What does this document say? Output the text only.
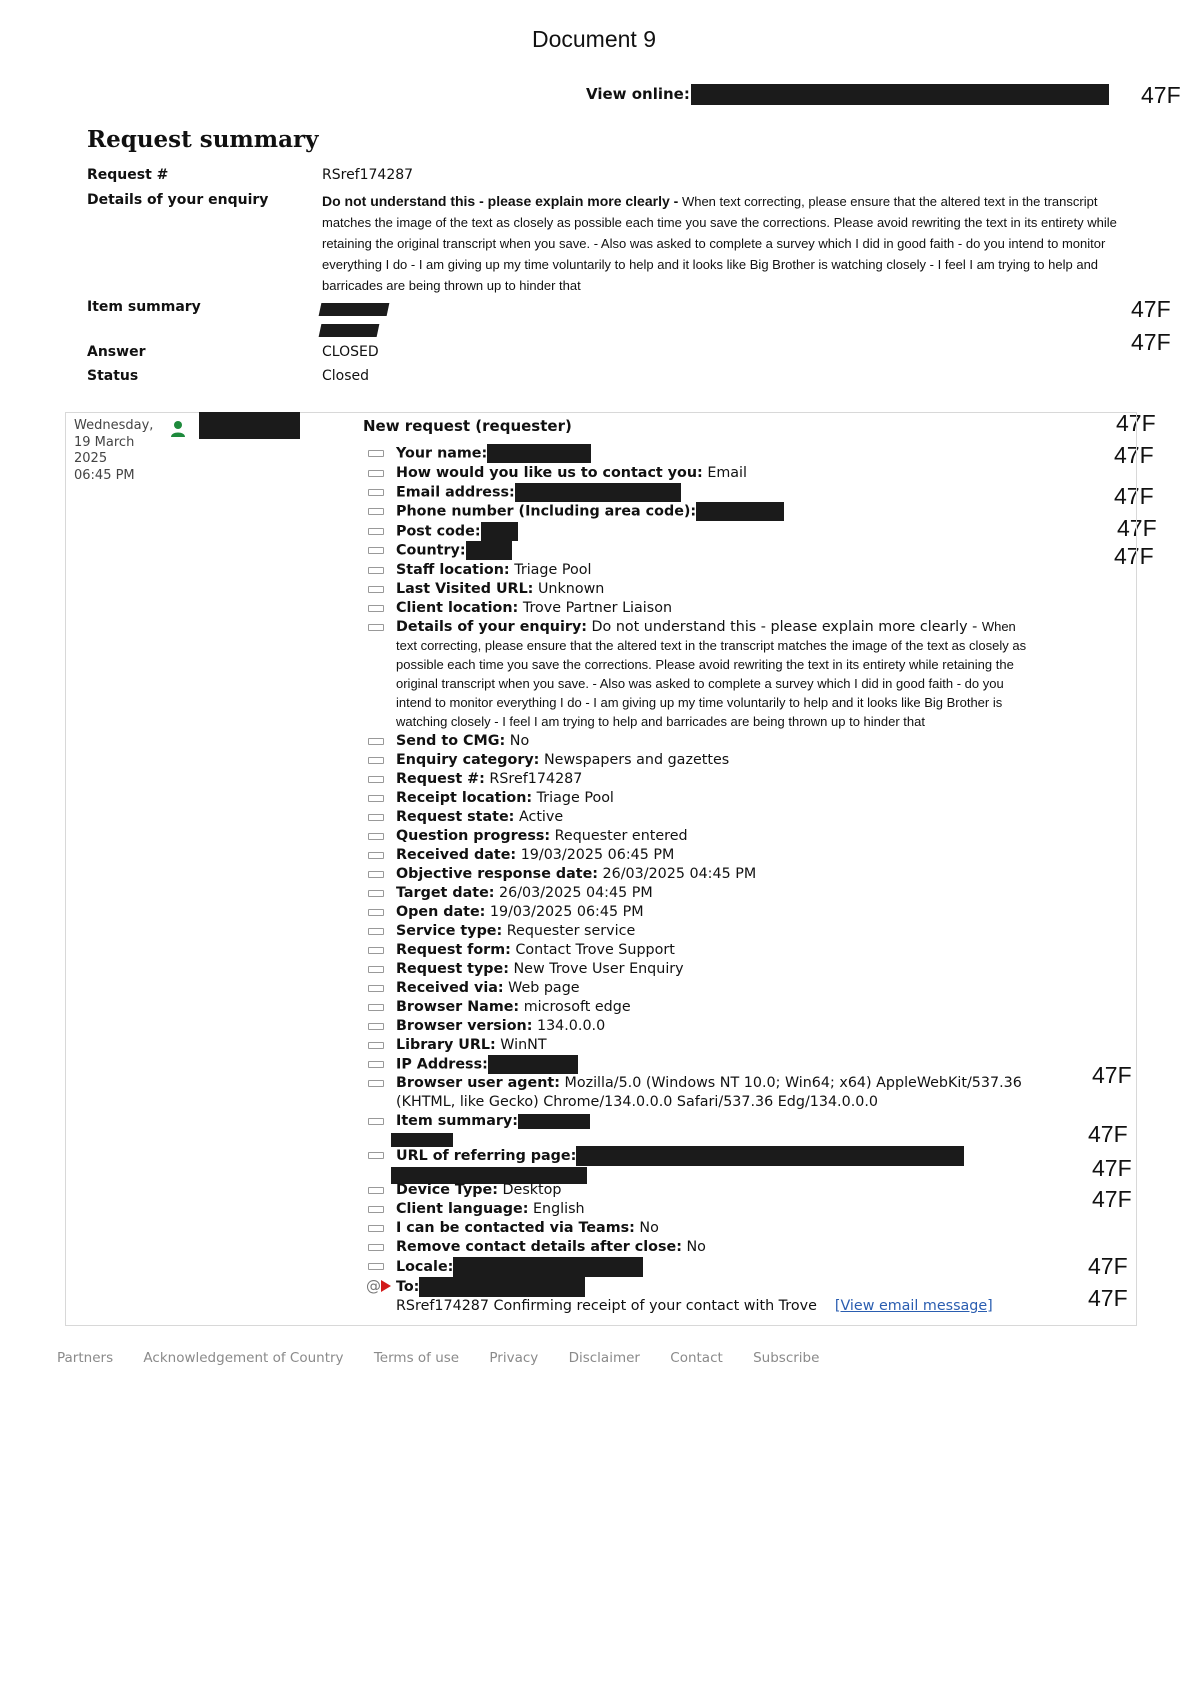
Document 9
View online:	47F
47F
47F
47F
47F
47F
47F
47F
47F
47F
47F
47F
47F
47F
Request summary
Request #	RSref174287
Details of your enquiry	Do not understand this - please explain more clearly - When text correcting, please ensure that the altered text in the transcript matches the image of the text as closely as possible each time you save the corrections. Please avoid rewriting the text in its entirety while retaining the original transcript when you save. - Also was asked to complete a survey which I did in good faith - do you intend to monitor everything I do - I am giving up my time voluntarily to help and it looks like Big Brother is watching closely - I feel I am trying to help and barricades are being thrown up to hinder that
Item summary
Answer	CLOSED
Status	Closed
Wednesday,
19 March
2025
06:45 PM
New request (requester)
Your name:
How would you like us to contact you: Email
Email address:
Phone number (Including area code):
Post code:
Country:
Staff location: Triage Pool
Last Visited URL: Unknown
Client location: Trove Partner Liaison
Details of your enquiry: Do not understand this - please explain more clearly - When text correcting, please ensure that the altered text in the transcript matches the image of the text as closely as possible each time you save the corrections. Please avoid rewriting the text in its entirety while retaining the original transcript when you save. - Also was asked to complete a survey which I did in good faith - do you intend to monitor everything I do - I am giving up my time voluntarily to help and it looks like Big Brother is watching closely - I feel I am trying to help and barricades are being thrown up to hinder that
Send to CMG: No
Enquiry category: Newspapers and gazettes
Request #: RSref174287
Receipt location: Triage Pool
Request state: Active
Question progress: Requester entered
Received date: 19/03/2025 06:45 PM
Objective response date: 26/03/2025 04:45 PM
Target date: 26/03/2025 04:45 PM
Open date: 19/03/2025 06:45 PM
Service type: Requester service
Request form: Contact Trove Support
Request type: New Trove User Enquiry
Received via: Web page
Browser Name: microsoft edge
Browser version: 134.0.0.0
Library URL: WinNT
IP Address:
Browser user agent: Mozilla/5.0 (Windows NT 10.0; Win64; x64) AppleWebKit/537.36 (KHTML, like Gecko) Chrome/134.0.0.0 Safari/537.36 Edg/134.0.0.0
Item summary:
URL of referring page:
Device Type: Desktop
Client language: English
I can be contacted via Teams: No
Remove contact details after close: No
Locale:
@ To:
RSref174287 Confirming receipt of your contact with Trove [View email message]
Partners Acknowledgement of Country Terms of use Privacy Disclaimer Contact Subscribe
